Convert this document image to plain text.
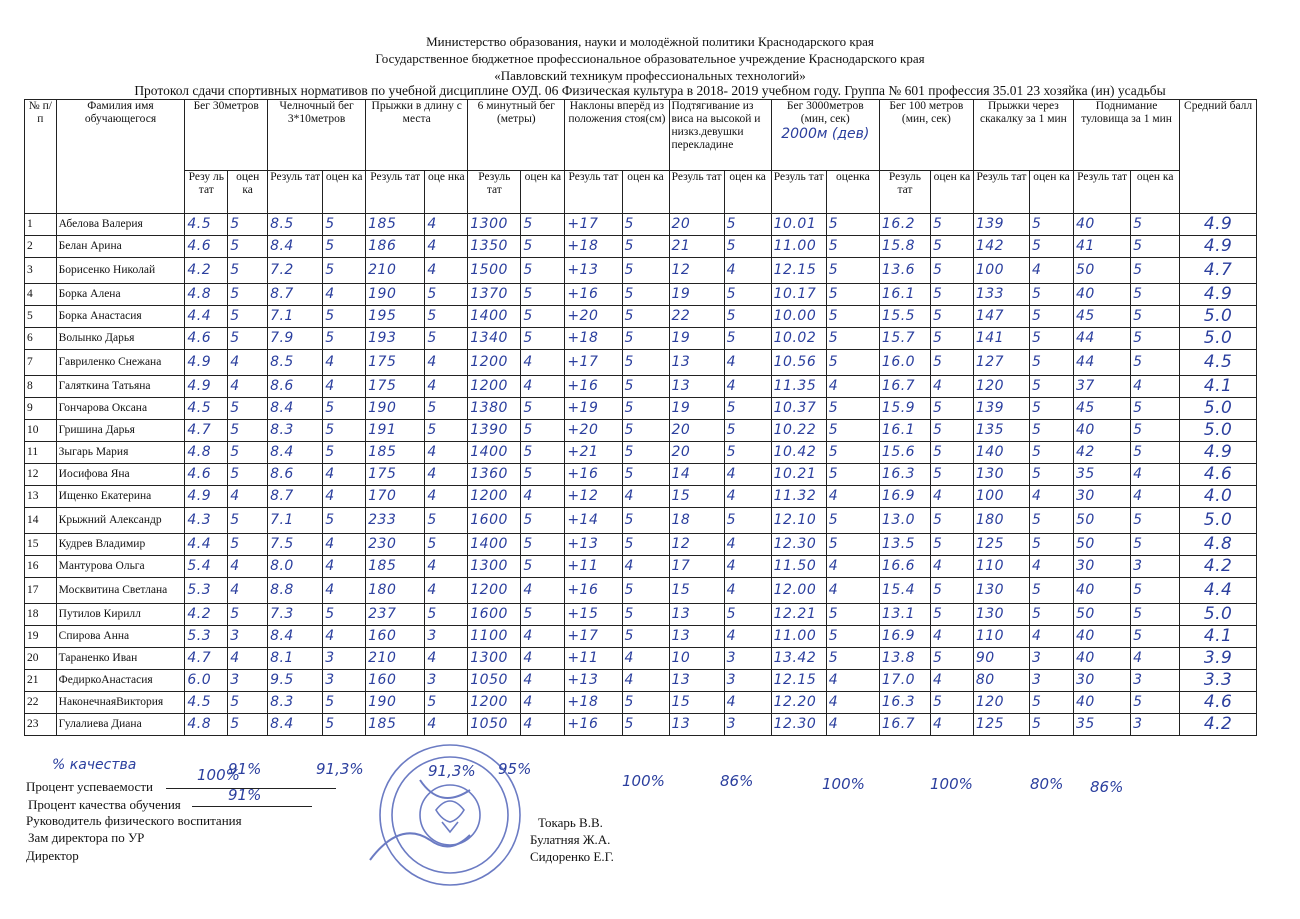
Министерство образования, науки и молодёжной политики Краснодарского края
Государственное бюджетное профессиональное образовательное учреждение Краснодарского края
«Павловский техникум профессиональных технологий»
Протокол сдачи спортивных нормативов по учебной дисциплине ОУД. 06 Физическая культура в 2018- 2019 учебном году. Группа № 601 профессия 35.01 23 хозяйка (ин) усадьбы
№ п/п	Фамилия имя обучающегося	Бег 30метров		Челночный бег 3*10метров		Прыжки в длину с места		6 минутный бег (метры)		Наклоны вперёд из положения стоя(см)		Подтягивание из виса на высокой и низкз.девушки перекладине		Бег 3000метров (мин, сек)
2000м (дев)		Бег 100 метров (мин, сек)		Прыжки через скакалку за 1 мин		Поднимание туловища за 1 мин		Средний балл
		Резу ль тат	оцен ка	Резуль тат	оцен ка	Резуль тат	оце нка	Резуль тат	оцен ка	Резуль тат	оцен ка	Резуль тат	оцен ка	Резуль тат	оценка	Резуль тат	оцен ка	Резуль тат	оцен ка	Резуль тат	оцен ка	
1	Абелова Валерия	4.5	5	8.5	5	185	4	1300	5	+17	5	20	5	10.01	5	16.2	5	139	5	40	5	4.9
2	Белан Арина	4.6	5	8.4	5	186	4	1350	5	+18	5	21	5	11.00	5	15.8	5	142	5	41	5	4.9
3	Борисенко Николай	4.2	5	7.2	5	210	4	1500	5	+13	5	12	4	12.15	5	13.6	5	100	4	50	5	4.7
4	Борка Алена	4.8	5	8.7	4	190	5	1370	5	+16	5	19	5	10.17	5	16.1	5	133	5	40	5	4.9
5	Борка Анастасия	4.4	5	7.1	5	195	5	1400	5	+20	5	22	5	10.00	5	15.5	5	147	5	45	5	5.0
6	Волынко Дарья	4.6	5	7.9	5	193	5	1340	5	+18	5	19	5	10.02	5	15.7	5	141	5	44	5	5.0
7	Гавриленко Снежана	4.9	4	8.5	4	175	4	1200	4	+17	5	13	4	10.56	5	16.0	5	127	5	44	5	4.5
8	Галяткина Татьяна	4.9	4	8.6	4	175	4	1200	4	+16	5	13	4	11.35	4	16.7	4	120	5	37	4	4.1
9	Гончарова Оксана	4.5	5	8.4	5	190	5	1380	5	+19	5	19	5	10.37	5	15.9	5	139	5	45	5	5.0
10	Гришина Дарья	4.7	5	8.3	5	191	5	1390	5	+20	5	20	5	10.22	5	16.1	5	135	5	40	5	5.0
11	Зыгарь Мария	4.8	5	8.4	5	185	4	1400	5	+21	5	20	5	10.42	5	15.6	5	140	5	42	5	4.9
12	Иосифова Яна	4.6	5	8.6	4	175	4	1360	5	+16	5	14	4	10.21	5	16.3	5	130	5	35	4	4.6
13	Ищенко Екатерина	4.9	4	8.7	4	170	4	1200	4	+12	4	15	4	11.32	4	16.9	4	100	4	30	4	4.0
14	Крыжний Александр	4.3	5	7.1	5	233	5	1600	5	+14	5	18	5	12.10	5	13.0	5	180	5	50	5	5.0
15	Кудрев Владимир	4.4	5	7.5	4	230	5	1400	5	+13	5	12	4	12.30	5	13.5	5	125	5	50	5	4.8
16	Мантурова Ольга	5.4	4	8.0	4	185	4	1300	5	+11	4	17	4	11.50	4	16.6	4	110	4	30	3	4.2
17	Москвитина Светлана	5.3	4	8.8	4	180	4	1200	4	+16	5	15	4	12.00	4	15.4	5	130	5	40	5	4.4
18	Путилов Кирилл	4.2	5	7.3	5	237	5	1600	5	+15	5	13	5	12.21	5	13.1	5	130	5	50	5	5.0
19	Спирова Анна	5.3	3	8.4	4	160	3	1100	4	+17	5	13	4	11.00	5	16.9	4	110	4	40	5	4.1
20	Тараненко Иван	4.7	4	8.1	3	210	4	1300	4	+11	4	10	3	13.42	5	13.8	5	90	3	40	4	3.9
21	ФедиркоАнастасия	6.0	3	9.5	3	160	3	1050	4	+13	4	13	3	12.15	4	17.0	4	80	3	30	3	3.3
22	НаконечнаяВиктория	4.5	5	8.3	5	190	5	1200	4	+18	5	15	4	12.20	4	16.3	5	120	5	40	5	4.6
23	Гулалиева Диана	4.8	5	8.4	5	185	4	1050	4	+16	5	13	3	12.30	4	16.7	4	125	5	35	3	4.2
% качества	91%	91,3%	91,3% 95%
100%	86%	100%	100%	80% 86%
Процент успеваемости
100%
Процент качества обучения
91%
Руководитель физического воспитания
Зам директора по УР
Директор
Токарь В.В.
Булатняя Ж.А.
Сидоренко Е.Г.
